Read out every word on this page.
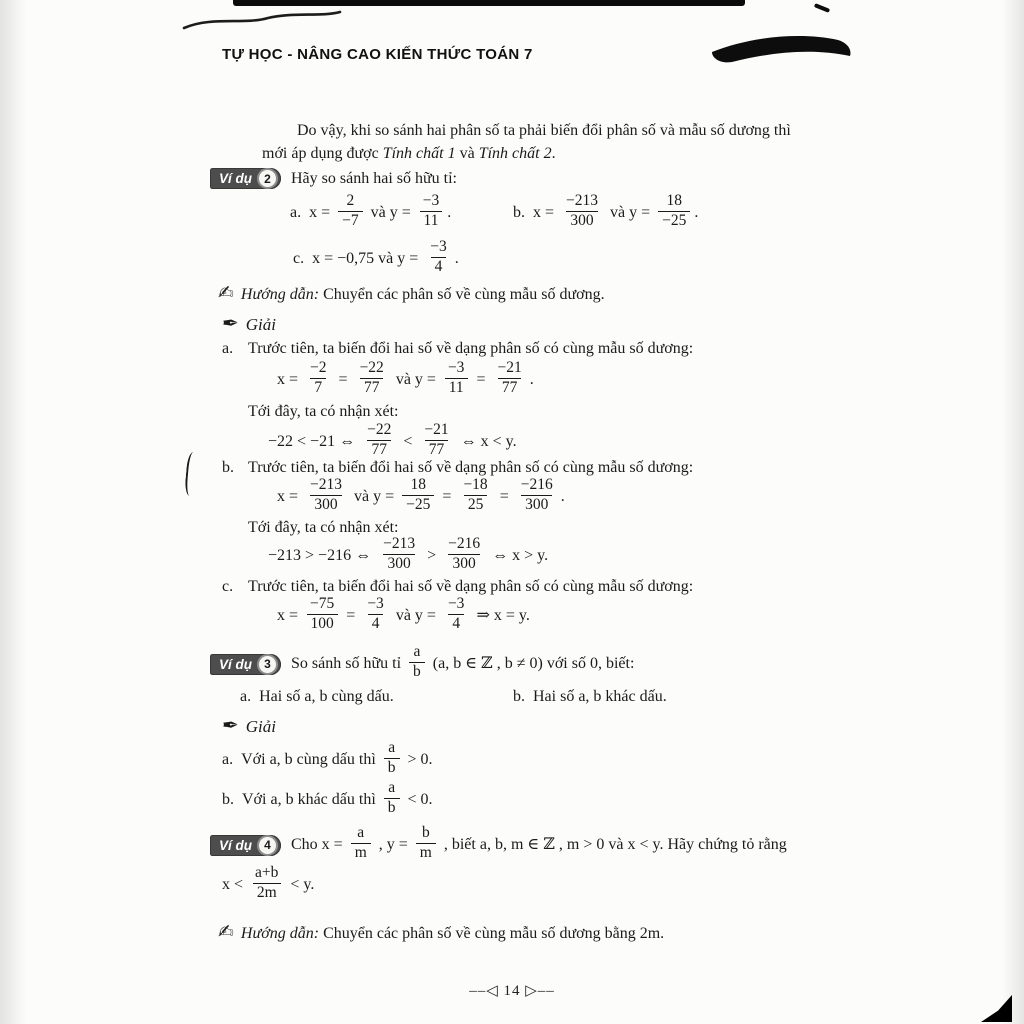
TỰ HỌC - NÂNG CAO KIẾN THỨC TOÁN 7
Do vậy, khi so sánh hai phân số ta phải biến đổi phân số và mẫu số dương thì
mới áp dụng được Tính chất 1 và Tính chất 2.
Ví dụ	2	Hãy so sánh hai số hữu tỉ:
a. $x = \frac{2}{-7}$ và $y = \frac{-3}{11}$ .	b. $x = \frac{-213}{300}$ và $y = \frac{18}{-25}$ .
c. x = −0,75 và $y = \frac{-3}{4}$ .
✍ Hướng dẫn: Chuyển các phân số về cùng mẫu số dương.
✒ Giải
a. Trước tiên, ta biến đổi hai số về dạng phân số có cùng mẫu số dương:
$x = \frac{-2}{7} = \frac{-22}{77}$ và $y = \frac{-3}{11} = \frac{-21}{77}$ .
Tới đây, ta có nhận xét:
−22 < −21 ⇔ $\frac{-22}{77} < \frac{-21}{77}$ ⇔ x < y.
b. Trước tiên, ta biến đổi hai số về dạng phân số có cùng mẫu số dương:
$x = \frac{-213}{300}$ và $y = \frac{18}{-25} = \frac{-18}{25} = \frac{-216}{300}$ .
Tới đây, ta có nhận xét:
−213 > −216 ⇔ $\frac{-213}{300} > \frac{-216}{300}$ ⇔ x > y.
c. Trước tiên, ta biến đổi hai số về dạng phân số có cùng mẫu số dương:
$x = \frac{-75}{100} = \frac{-3}{4}$ và $y = \frac{-3}{4}$ ⇒ x = y.
Ví dụ	3	So sánh số hữu tỉ $\frac{a}{b} (a$, b ∈ ℤ , b ≠ 0) với số 0, biết:
a. Hai số a, b cùng dấu.	b. Hai số a, b khác dấu.
✒ Giải
a. Với a, b cùng dấu thì $\frac{a}{b} > 0$.
b. Với a, b khác dấu thì $\frac{a}{b} < 0$.
Ví dụ	4	Cho $x = \frac{a}{m}$ , $y = \frac{b}{m}$ , biết a, b, m ∈ ℤ , m > 0 và x < y. Hãy chứng tỏ rằng
$x < \frac{a+b}{2m} < y$.
✍ Hướng dẫn: Chuyển các phân số về cùng mẫu số dương bằng 2m.
––◁ 14 ▷––
